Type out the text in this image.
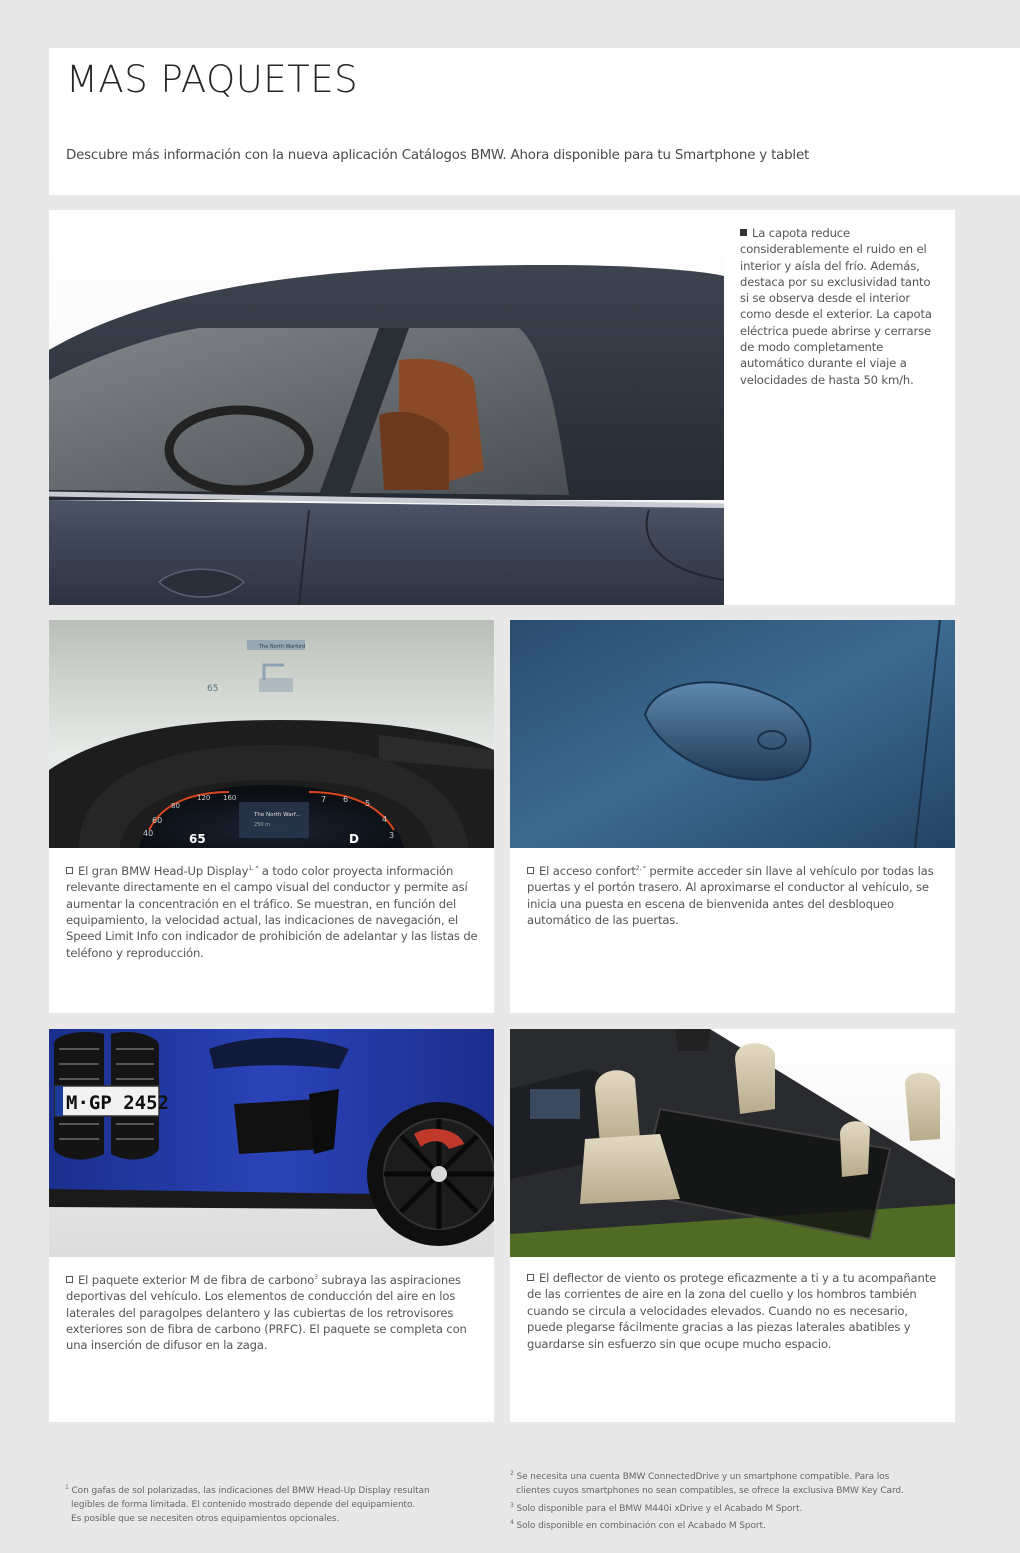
MAS PAQUETES

Descubre más información con la nueva aplicación Catálogos BMW. Ahora disponible para tu Smartphone y tablet

La capota reduce considerablemente el ruido en el interior y aísla del frío. Además, destaca por su exclusividad tanto si se observa desde el interior como desde el exterior. La capota eléctrica puede abrirse y cerrarse de modo completamente automático durante el viaje a velocidades de hasta 50 km/h.
The North Warford
65
60
40
80
120 160	7 6 5
4
3
The North Warf...
250 m
65	D
El gran BMW Head-Up Display$^{1, *}$ a todo color proyecta información relevante directamente en el campo visual del conductor y permite así aumentar la concentración en el tráfico. Se muestran, en función del equipamiento, la velocidad actual, las indicaciones de navegación, el Speed Limit Info con indicador de prohibición de adelantar y las listas de teléfono y reproducción.
El acceso confort$^{2, *}$ permite acceder sin llave al vehículo por todas las puertas y el portón trasero. Al aproximarse el conductor al vehículo, se inicia una puesta en escena de bienvenida antes del desbloqueo automático de las puertas.
M·GP 2452
El paquete exterior M de fibra de carbono$^3$ subraya las aspiraciones deportivas del vehículo. Los elementos de conducción del aire en los laterales del paragolpes delantero y las cubiertas de los retrovisores exteriores son de fibra de carbono (PRFC). El paquete se completa con una inserción de difusor en la zaga.
El deflector de viento os protege eficazmente a ti y a tu acompañante de las corrientes de aire en la zona del cuello y los hombros también cuando se circula a velocidades elevados. Cuando no es necesario, puede plegarse fácilmente gracias a las piezas laterales abatibles y guardarse sin esfuerzo sin que ocupe mucho espacio.
$^1$ Con gafas de sol polarizadas, las indicaciones del BMW Head-Up Display resultan
legibles de forma limitada. El contenido mostrado depende del equipamiento.
Es posible que se necesiten otros equipamientos opcionales.
$^2$ Se necesita una cuenta BMW ConnectedDrive y un smartphone compatible. Para los
clientes cuyos smartphones no sean compatibles, se ofrece la exclusiva BMW Key Card.
$^3$ Solo disponible para el BMW M440i xDrive y el Acabado M Sport.
$^4$ Solo disponible en combinación con el Acabado M Sport.
